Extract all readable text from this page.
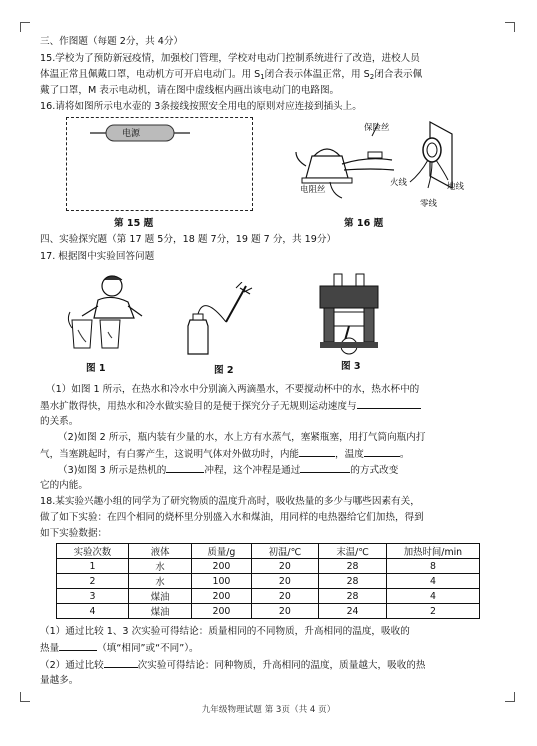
三、作图题（每题 2分，共 4分）
15.学校为了预防新冠疫情，加强校门管理，学校对电动门控制系统进行了改造，进校人员
体温正常且佩戴口罩，电动机方可开启电动门。用 $S_1$闭合表示体温正常，用 $S_2$闭合表示佩
戴了口罩，M 表示电动机，请在图中虚线框内画出该电动门的电路图。
16.请将如图所示电水壶的 3条接线按照安全用电的原则对应连接到插头上。
电源
保险丝
电阻丝
火线	地线
零线
第 15 题	第 16 题
四、实验探究题（第 17 题 5分，18 题 7分，19 题 7 分，共 19分）
17. 根据图中实验回答问题
图 1	图 2	图 3
（1）如图 1 所示，在热水和冷水中分别滴入两滴墨水，不要搅动杯中的水，热水杯中的
墨水扩散得快，用热水和冷水做实验目的是便于探究分子无规则运动速度与
的关系。
（2)如图 2 所示，瓶内装有少量的水，水上方有水蒸气，塞紧瓶塞，用打气筒向瓶内打
气，当塞跳起时，有白雾产生，这说明气体对外做功时，内能	，温度	。
（3)如图 3 所示是热机的	冲程，这个冲程是通过	的方式改变
它的内能。
18.某实验兴趣小组的同学为了研究物质的温度升高时，吸收热量的多少与哪些因素有关，
做了如下实验：在四个相同的烧杯里分别盛入水和煤油，用同样的电热器给它们加热，得到
如下实验数据：
实验次数	液体	质量/g	初温/℃	末温/℃	加热时间/min
1	水	200	20	28	8
2	水	100	20	28	4
3	煤油	200	20	28	4
4	煤油	200	20	24	2
（1）通过比较 1、3 次实验可得结论：质量相同的不同物质，升高相同的温度，吸收的
热量	（填“相同”或“不同”）。
（2）通过比较	次实验可得结论：同种物质，升高相同的温度，质量越大，吸收的热
量越多。
九年级物理试题 第 3页（共 4 页）
